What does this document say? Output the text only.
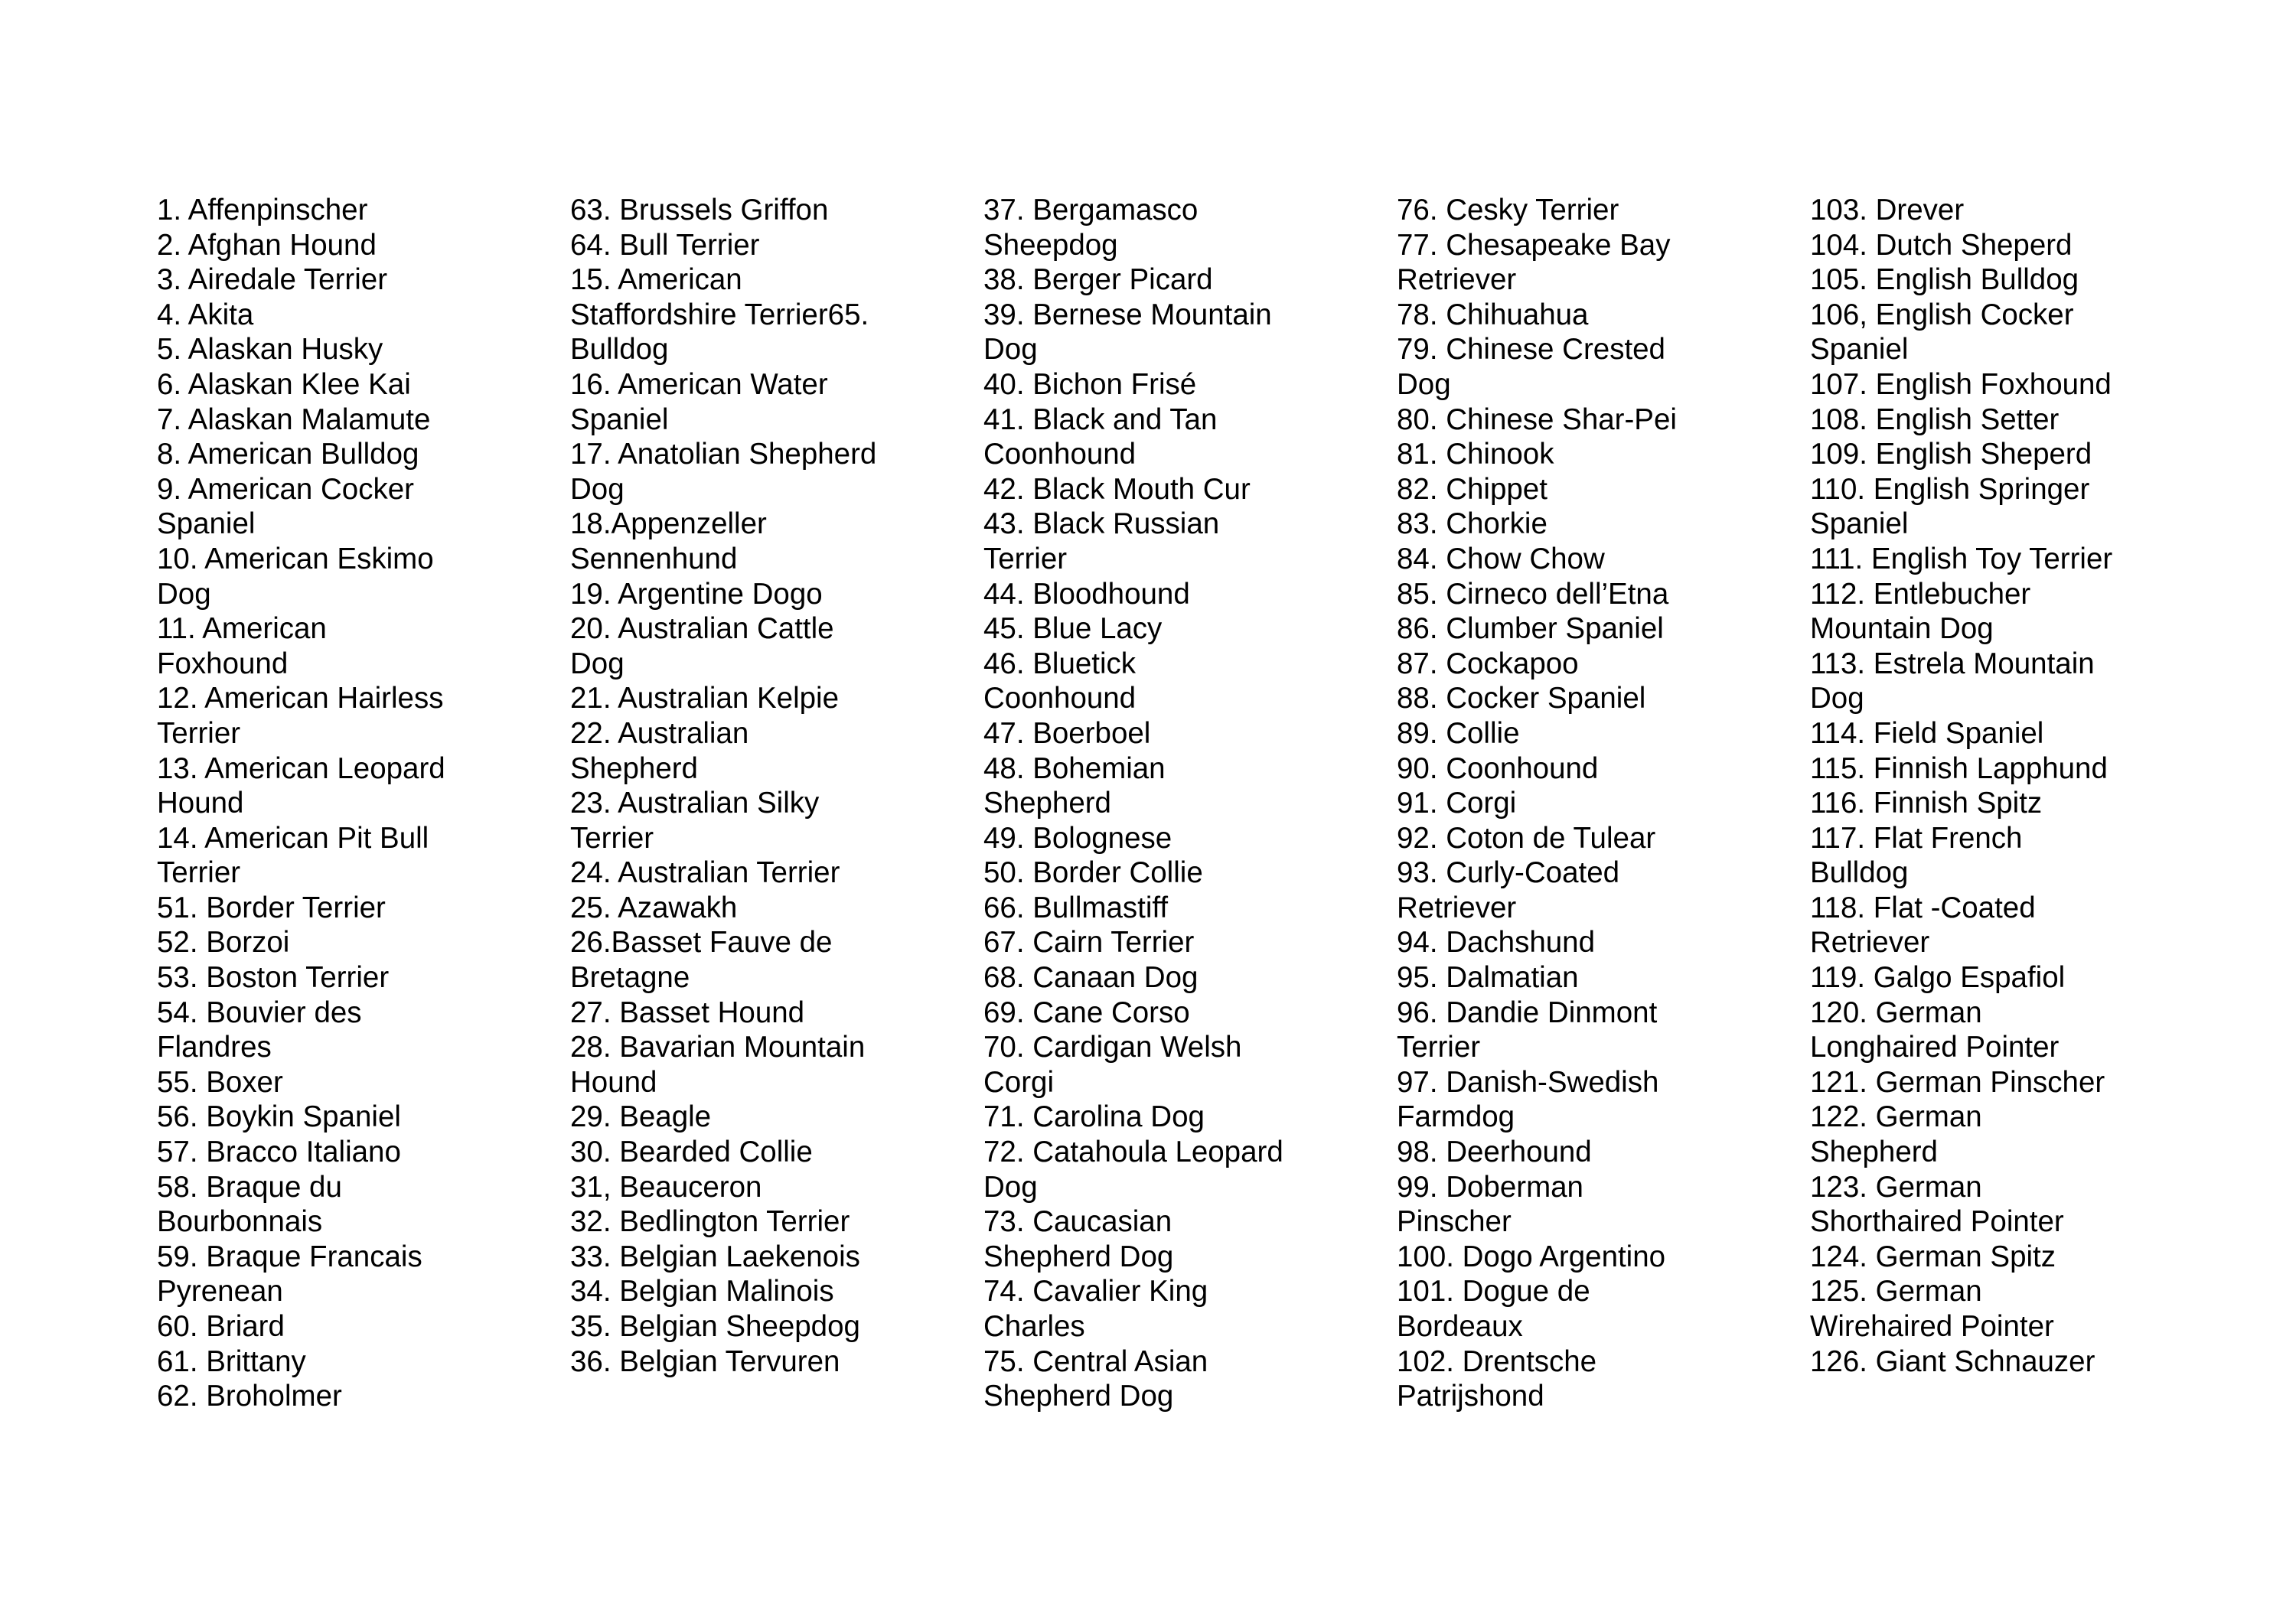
1. Affenpinscher
2. Afghan Hound
3. Airedale Terrier
4. Akita
5. Alaskan Husky
6. Alaskan Klee Kai
7. Alaskan Malamute
8. American Bulldog
9. American Cocker
Spaniel
10. American Eskimo
Dog
11. American
Foxhound
12. American Hairless
Terrier
13. American Leopard
Hound
14. American Pit Bull
Terrier
51. Border Terrier
52. Borzoi
53. Boston Terrier
54. Bouvier des
Flandres
55. Boxer
56. Boykin Spaniel
57. Bracco Italiano
58. Braque du
Bourbonnais
59. Braque Francais
Pyrenean
60. Briard
61. Brittany
62. Broholmer
63. Brussels Griffon
64. Bull Terrier
15. American
Staffordshire Terrier65.
Bulldog
16. American Water
Spaniel
17. Anatolian Shepherd
Dog
18.Appenzeller
Sennenhund
19. Argentine Dogo
20. Australian Cattle
Dog
21. Australian Kelpie
22. Australian
Shepherd
23. Australian Silky
Terrier
24. Australian Terrier
25. Azawakh
26.Basset Fauve de
Bretagne
27. Basset Hound
28. Bavarian Mountain
Hound
29. Beagle
30. Bearded Collie
31, Beauceron
32. Bedlington Terrier
33. Belgian Laekenois
34. Belgian Malinois
35. Belgian Sheepdog
36. Belgian Tervuren
37. Bergamasco
Sheepdog
38. Berger Picard
39. Bernese Mountain
Dog
40. Bichon Frisé
41. Black and Tan
Coonhound
42. Black Mouth Cur
43. Black Russian
Terrier
44. Bloodhound
45. Blue Lacy
46. Bluetick
Coonhound
47. Boerboel
48. Bohemian
Shepherd
49. Bolognese
50. Border Collie
66. Bullmastiff
67. Cairn Terrier
68. Canaan Dog
69. Cane Corso
70. Cardigan Welsh
Corgi
71. Carolina Dog
72. Catahoula Leopard
Dog
73. Caucasian
Shepherd Dog
74. Cavalier King
Charles
75. Central Asian
Shepherd Dog
76. Cesky Terrier
77. Chesapeake Bay
Retriever
78. Chihuahua
79. Chinese Crested
Dog
80. Chinese Shar-Pei
81. Chinook
82. Chippet
83. Chorkie
84. Chow Chow
85. Cirneco dell’Etna
86. Clumber Spaniel
87. Cockapoo
88. Cocker Spaniel
89. Collie
90. Coonhound
91. Corgi
92. Coton de Tulear
93. Curly-Coated
Retriever
94. Dachshund
95. Dalmatian
96. Dandie Dinmont
Terrier
97. Danish-Swedish
Farmdog
98. Deerhound
99. Doberman
Pinscher
100. Dogo Argentino
101. Dogue de
Bordeaux
102. Drentsche
Patrijshond
103. Drever
104. Dutch Sheperd
105. English Bulldog
106, English Cocker
Spaniel
107. English Foxhound
108. English Setter
109. English Sheperd
110. English Springer
Spaniel
111. English Toy Terrier
112. Entlebucher
Mountain Dog
113. Estrela Mountain
Dog
114. Field Spaniel
115. Finnish Lapphund
116. Finnish Spitz
117. Flat French
Bulldog
118. Flat -Coated
Retriever
119. Galgo Espafiol
120. German
Longhaired Pointer
121. German Pinscher
122. German
Shepherd
123. German
Shorthaired Pointer
124. German Spitz
125. German
Wirehaired Pointer
126. Giant Schnauzer
